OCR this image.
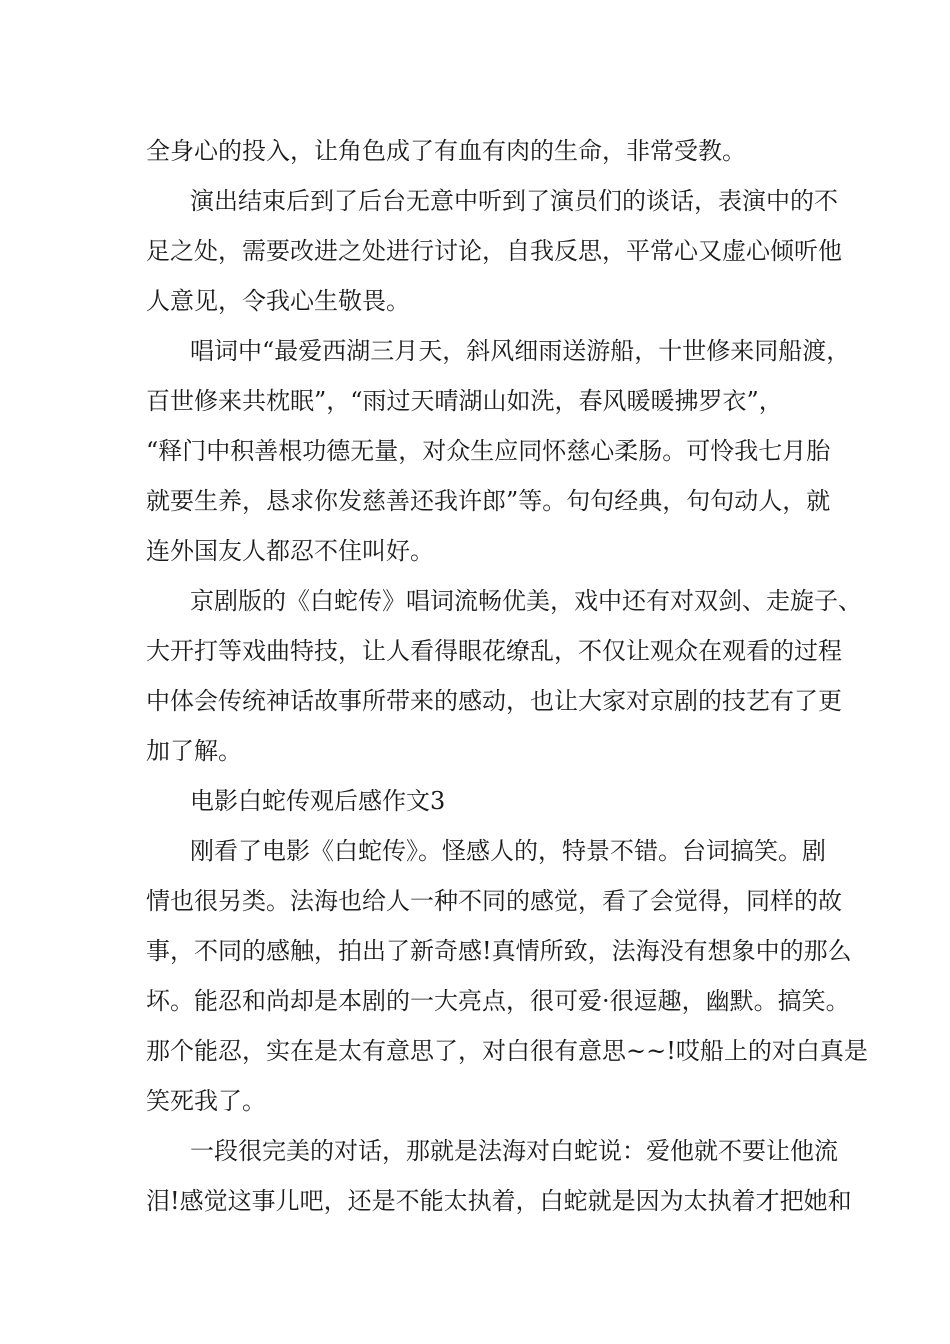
全身心的投入，让角色成了有血有肉的生命，非常受教。

演出结束后到了后台无意中听到了演员们的谈话，表演中的不

足之处，需要改进之处进行讨论，自我反思，平常心又虚心倾听他

人意见，令我心生敬畏。

唱词中“最爱西湖三月天，斜风细雨送游船，十世修来同船渡，

百世修来共枕眠”，“雨过天晴湖山如洗，春风暖暖拂罗衣”，

“释门中积善根功德无量，对众生应同怀慈心柔肠。可怜我七月胎

就要生养，恳求你发慈善还我许郎”等。句句经典，句句动人，就

连外国友人都忍不住叫好。

京剧版的《白蛇传》唱词流畅优美，戏中还有对双剑、走旋子、

大开打等戏曲特技，让人看得眼花缭乱，不仅让观众在观看的过程

中体会传统神话故事所带来的感动，也让大家对京剧的技艺有了更

加了解。

电影白蛇传观后感作文3

刚看了电影《白蛇传》。怪感人的，特景不错。台词搞笑。剧

情也很另类。法海也给人一种不同的感觉，看了会觉得，同样的故

事，不同的感触，拍出了新奇感!真情所致，法海没有想象中的那么

坏。能忍和尚却是本剧的一大亮点，很可爱·很逗趣，幽默。搞笑。

那个能忍，实在是太有意思了，对白很有意思~~!哎船上的对白真是

笑死我了。

一段很完美的对话，那就是法海对白蛇说：爱他就不要让他流

泪!感觉这事儿吧，还是不能太执着，白蛇就是因为太执着才把她和
